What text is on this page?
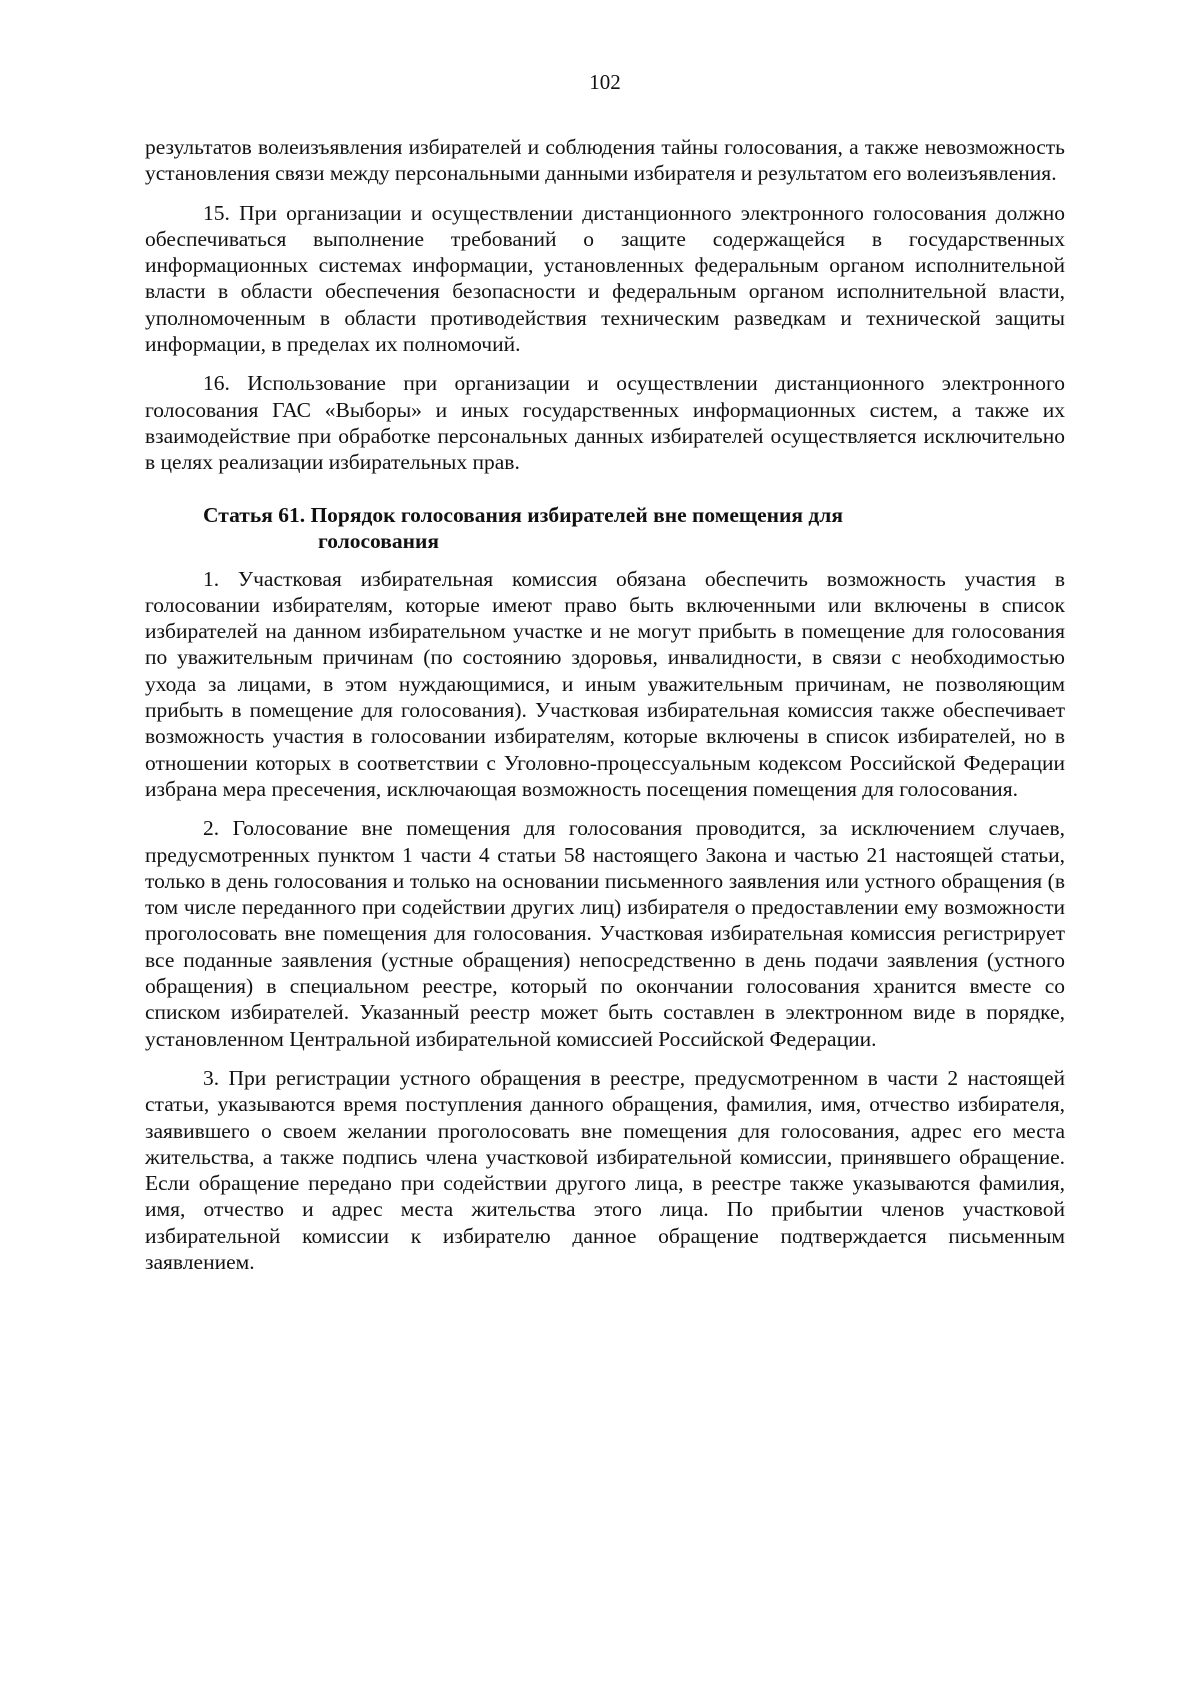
102

результатов волеизъявления избирателей и соблюдения тайны голосования, а также невозможность установления связи между персональными данными избирателя и результатом его волеизъявления.

15. При организации и осуществлении дистанционного электронного голосования должно обеспечиваться выполнение требований о защите содержащейся в государственных информационных системах информации, установленных федеральным органом исполнительной власти в области обеспечения безопасности и федеральным органом исполнительной власти, уполномоченным в области противодействия техническим разведкам и технической защиты информации, в пределах их полномочий.

16. Использование при организации и осуществлении дистанционного электронного голосования ГАС «Выборы» и иных государственных информационных систем, а также их взаимодействие при обработке персональных данных избирателей осуществляется исключительно в целях реализации избирательных прав.

Статья 61. Порядок голосования избирателей вне помещения для
голосования

1. Участковая избирательная комиссия обязана обеспечить возможность участия в голосовании избирателям, которые имеют право быть включенными или включены в список избирателей на данном избирательном участке и не могут прибыть в помещение для голосования по уважительным причинам (по состоянию здоровья, инвалидности, в связи с необходимостью ухода за лицами, в этом нуждающимися, и иным уважительным причинам, не позволяющим прибыть в помещение для голосования). Участковая избирательная комиссия также обеспечивает возможность участия в голосовании избирателям, которые включены в список избирателей, но в отношении которых в соответствии с Уголовно-процессуальным кодексом Российской Федерации избрана мера пресечения, исключающая возможность посещения помещения для голосования.

2. Голосование вне помещения для голосования проводится, за исключением случаев, предусмотренных пунктом 1 части 4 статьи 58 настоящего Закона и частью 21 настоящей статьи, только в день голосования и только на основании письменного заявления или устного обращения (в том числе переданного при содействии других лиц) избирателя о предоставлении ему возможности проголосовать вне помещения для голосования. Участковая избирательная комиссия регистрирует все поданные заявления (устные обращения) непосредственно в день подачи заявления (устного обращения) в специальном реестре, который по окончании голосования хранится вместе со списком избирателей. Указанный реестр может быть составлен в электронном виде в порядке, установленном Центральной избирательной комиссией Российской Федерации.

3. При регистрации устного обращения в реестре, предусмотренном в части 2 настоящей статьи, указываются время поступления данного обращения, фамилия, имя, отчество избирателя, заявившего о своем желании проголосовать вне помещения для голосования, адрес его места жительства, а также подпись члена участковой избирательной комиссии, принявшего обращение. Если обращение передано при содействии другого лица, в реестре также указываются фамилия, имя, отчество и адрес места жительства этого лица. По прибытии членов участковой избирательной комиссии к избирателю данное обращение подтверждается письменным заявлением.
